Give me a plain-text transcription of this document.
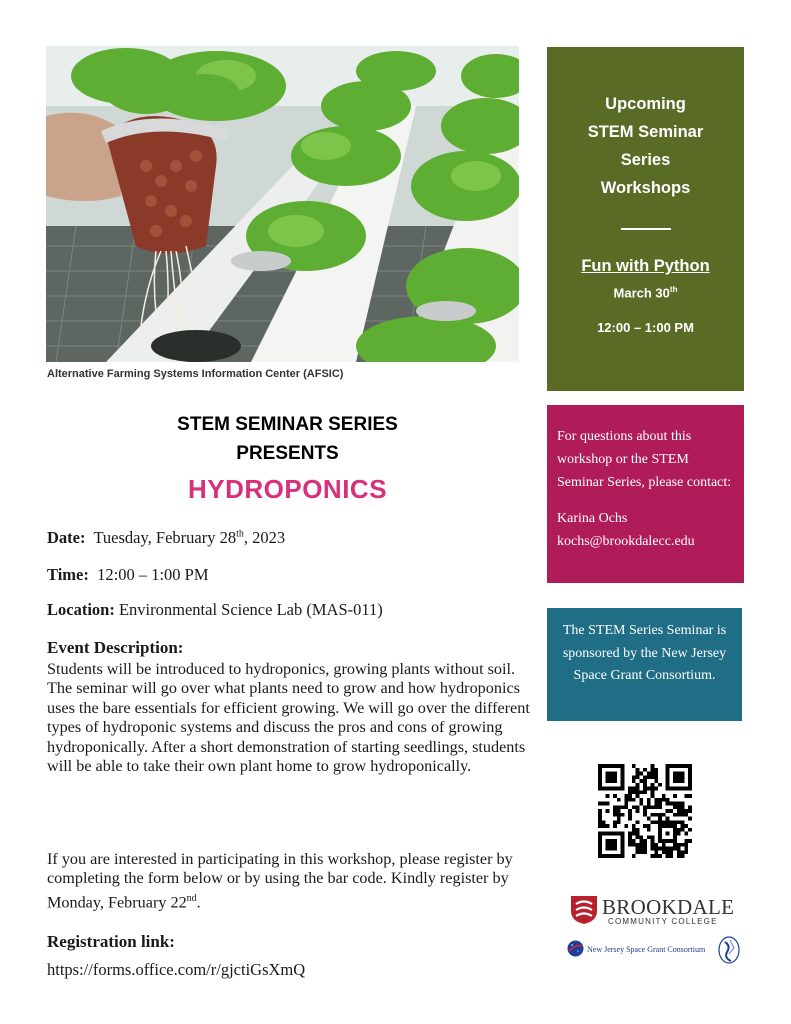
Alternative Farming Systems Information Center (AFSIC)
STEM SEMINAR SERIES
PRESENTS
HYDROPONICS
Date: Tuesday, February 28th, 2023
Time: 12:00 – 1:00 PM
Location: Environmental Science Lab (MAS-011)
Event Description:
Students will be introduced to hydroponics, growing plants without soil. The seminar will go over what plants need to grow and how hydroponics uses the bare essentials for efficient growing. We will go over the different types of hydroponic systems and discuss the pros and cons of growing hydroponically. After a short demonstration of starting seedlings, students will be able to take their own plant home to grow hydroponically.
If you are interested in participating in this workshop, please register by completing the form below or by using the bar code. Kindly register by Monday, February 22nd.
Registration link:
https://forms.office.com/r/gjctiGsXmQ
Upcoming
STEM Seminar
Series
Workshops
Fun with Python
March 30th
12:00 – 1:00 PM
For questions about this workshop or the STEM Seminar Series, please contact:
Karina Ochs
kochs@brookdalecc.edu
The STEM Series Seminar is sponsored by the New Jersey Space Grant Consortium.
BROOKDALE
COMMUNITY COLLEGE
New Jersey Space Grant Consortium
